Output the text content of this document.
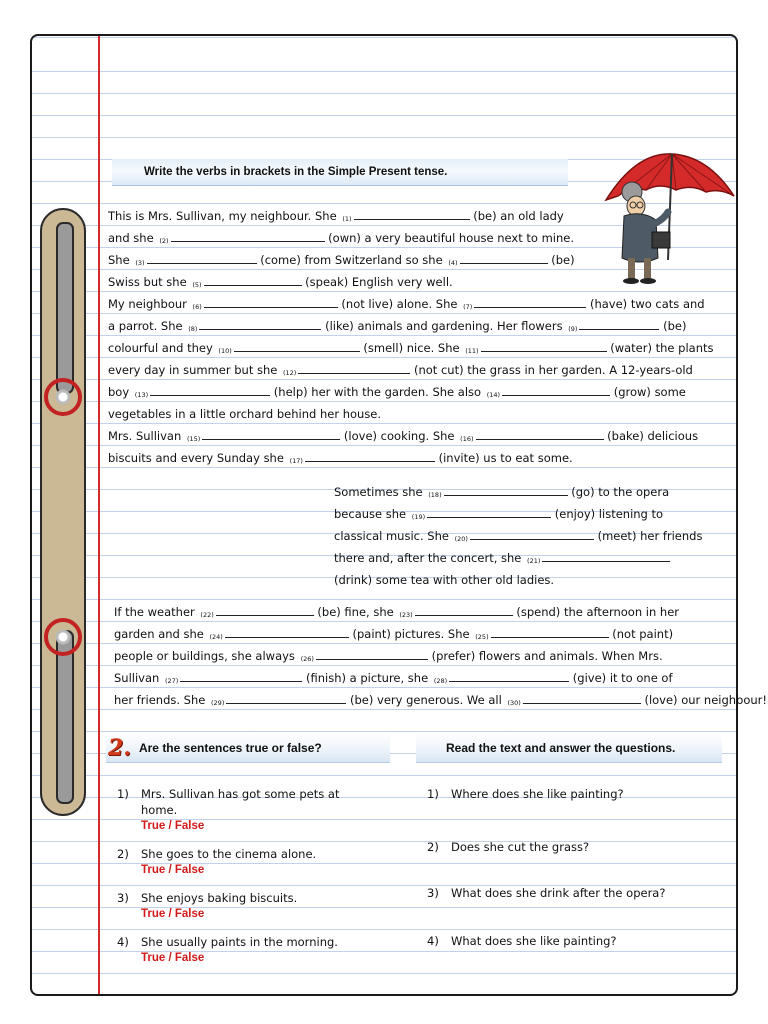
Write the verbs in brackets in the Simple Present tense.
This is Mrs. Sullivan, my neighbour. She (1)	(be) an old lady
and she (2)	(own) a very beautiful house next to mine.
She (3)	(come) from Switzerland so she (4)	(be)
Swiss but she (5)	(speak) English very well.
My neighbour (6)	(not live) alone. She (7)	(have) two cats and
a parrot. She (8)	(like) animals and gardening. Her flowers (9)	(be)
colourful and they (10)	(smell) nice. She (11)	(water) the plants
every day in summer but she (12)	(not cut) the grass in her garden. A 12-years-old
boy (13)	(help) her with the garden. She also (14)	(grow) some
vegetables in a little orchard behind her house.
Mrs. Sullivan (15)	(love) cooking. She (16)	(bake) delicious
biscuits and every Sunday she (17)	(invite) us to eat some.
Sometimes she (18)	(go) to the opera
because she (19)	(enjoy) listening to
classical music. She (20)	(meet) her friends
there and, after the concert, she (21)
(drink) some tea with other old ladies.
If the weather (22)	(be) fine, she (23)	(spend) the afternoon in her
garden and she (24)	(paint) pictures. She (25)	(not paint)
people or buildings, she always (26)	(prefer) flowers and animals. When Mrs.
Sullivan (27)	(finish) a picture, she (28)	(give) it to one of
her friends. She (29)	(be) very generous. We all (30)	(love) our neighbour!
2. Are the sentences true or false?	Read the text and answer the questions.
1) Mrs. Sullivan has got some pets at
home.
True / False
2) She goes to the cinema alone.
True / False
3) She enjoys baking biscuits.
True / False
4) She usually paints in the morning.
True / False
1) Where does she like painting?
2) Does she cut the grass?
3) What does she drink after the opera?
4) What does she like painting?
